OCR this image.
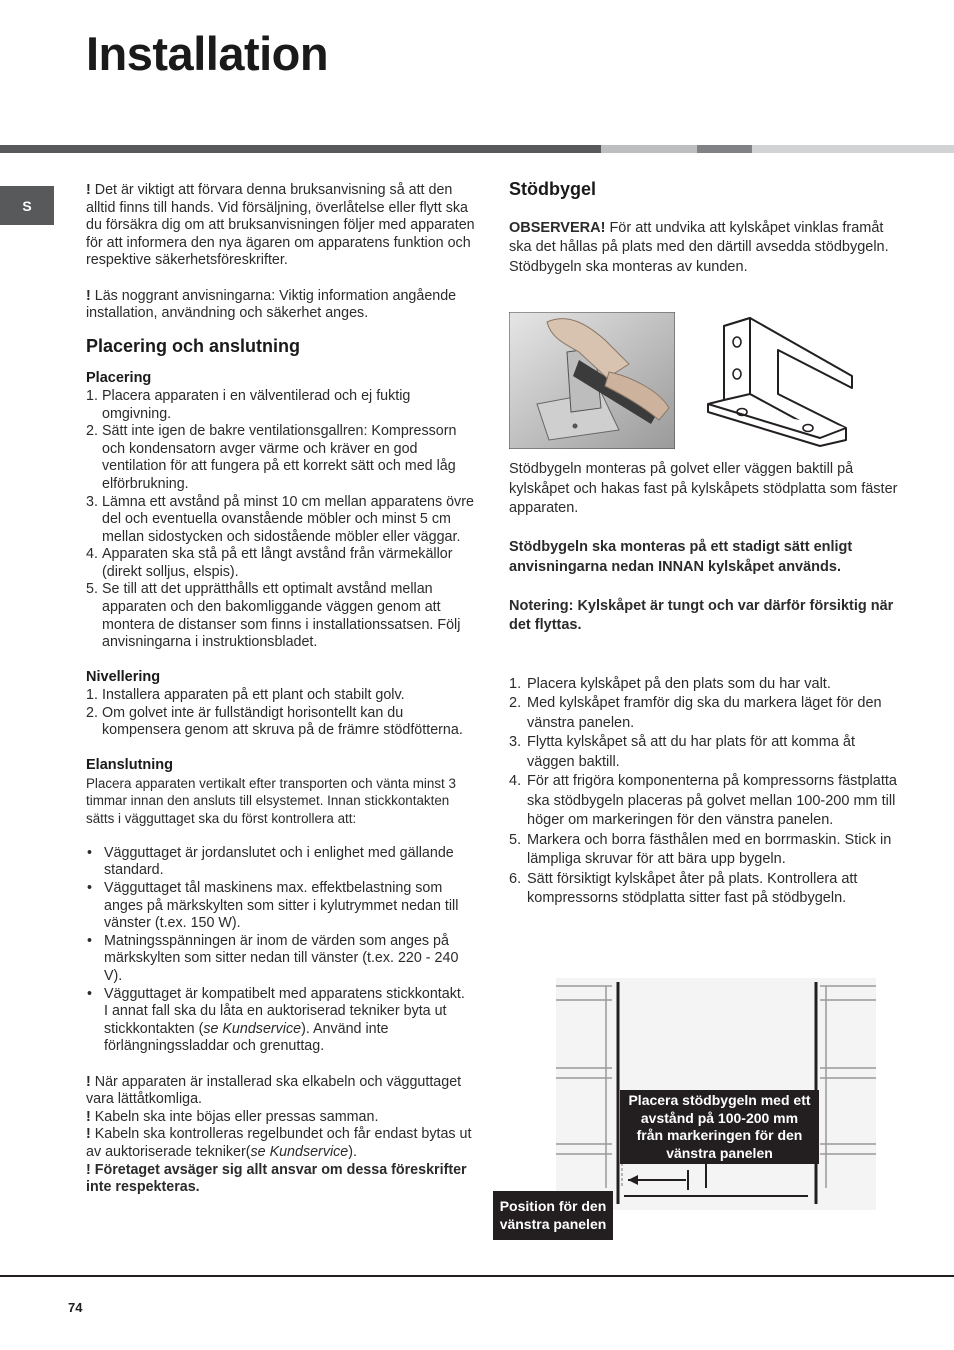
Installation
S

! Det är viktigt att förvara denna bruksanvisning så att den alltid finns till hands. Vid försäljning, överlåtelse eller flytt ska du försäkra dig om att bruksanvisningen följer med apparaten för att informera den nya ägaren om apparatens funktion och respektive säkerhetsföreskrifter.

! Läs noggrant anvisningarna: Viktig information angående installation, användning och säkerhet anges.

Placering och anslutning
Placering
1. Placera apparaten i en välventilerad och ej fuktig omgivning.
2. Sätt inte igen de bakre ventilationsgallren: Kompressorn och kondensatorn avger värme och kräver en god ventilation för att fungera på ett korrekt sätt och med låg elförbrukning.
3. Lämna ett avstånd på minst 10 cm mellan apparatens övre del och eventuella ovanstående möbler och minst 5 cm mellan sidostycken och sidostående möbler eller väggar.
4. Apparaten ska stå på ett långt avstånd från värmekällor (direkt solljus, elspis).
5. Se till att det upprätthålls ett optimalt avstånd mellan apparaten och den bakomliggande väggen genom att montera de distanser som finns i installationssatsen. Följ anvisningarna i instruktionsbladet.
Nivellering
1. Installera apparaten på ett plant och stabilt golv.
2. Om golvet inte är fullständigt horisontellt kan du kompensera genom att skruva på de främre stödfötterna.
Elanslutning

Placera apparaten vertikalt efter transporten och vänta minst 3 timmar innan den ansluts till elsystemet. Innan stickkontakten sätts i vägguttaget ska du först kontrollera att:

• Vägguttaget är jordanslutet och i enlighet med gällande standard.
• Vägguttaget tål maskinens max. effektbelastning som anges på märkskylten som sitter i kylutrymmet nedan till vänster (t.ex. 150 W).
• Matningsspänningen är inom de värden som anges på märkskylten som sitter nedan till vänster (t.ex. 220 - 240 V).
• Vägguttaget är kompatibelt med apparatens stickkontakt.
I annat fall ska du låta en auktoriserad tekniker byta ut stickkontakten (se Kundservice). Använd inte förlängningssladdar och grenuttag.

! När apparaten är installerad ska elkabeln och vägguttaget vara lättåtkomliga.

! Kabeln ska inte böjas eller pressas samman.

! Kabeln ska kontrolleras regelbundet och får endast bytas ut av auktoriserade tekniker(se Kundservice).

! Företaget avsäger sig allt ansvar om dessa föreskrifter inte respekteras.

Stödbygel

OBSERVERA! För att undvika att kylskåpet vinklas framåt ska det hållas på plats med den därtill avsedda stödbygeln.

Stödbygeln ska monteras av kunden.

Stödbygeln monteras på golvet eller väggen baktill på kylskåpet och hakas fast på kylskåpets stödplatta som fäster apparaten.

Stödbygeln ska monteras på ett stadigt sätt enligt anvisningarna nedan INNAN kylskåpet används.

Notering: Kylskåpet är tungt och var därför försiktig när det flyttas.

1. Placera kylskåpet på den plats som du har valt.
2. Med kylskåpet framför dig ska du markera läget för den vänstra panelen.
3. Flytta kylskåpet så att du har plats för att komma åt väggen baktill.
4. För att frigöra komponenterna på kompressorns fästplatta ska stödbygeln placeras på golvet mellan 100-200 mm till höger om markeringen för den vänstra panelen.
5. Markera och borra fästhålen med en borrmaskin. Stick in lämpliga skruvar för att bära upp bygeln.
6. Sätt försiktigt kylskåpet åter på plats. Kontrollera att kompressorns stödplatta sitter fast på stödbygeln.
Placera stödbygeln med ett avstånd på 100-200 mm från markeringen för den vänstra panelen
Position för den vänstra panelen
74
